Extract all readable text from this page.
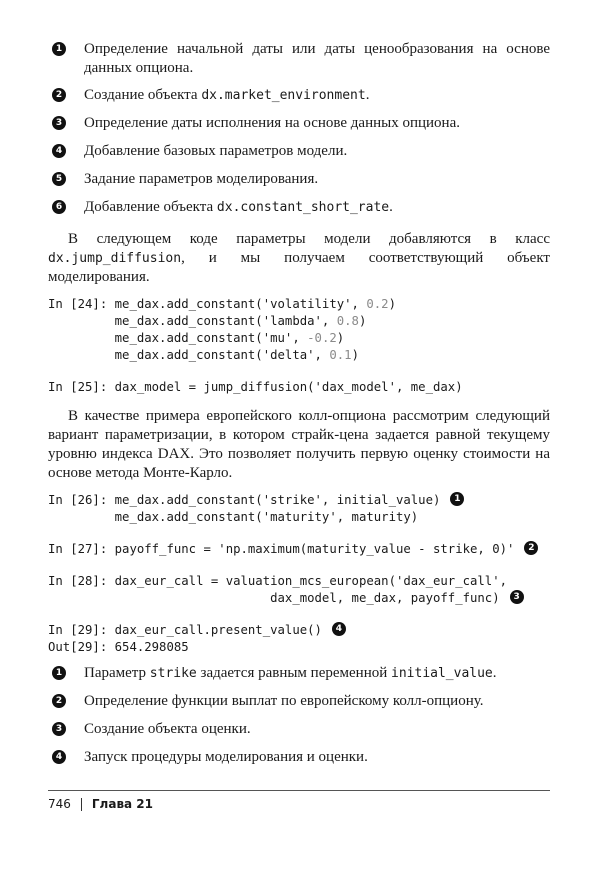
1 Определение начальной даты или даты ценообразования на основе данных опциона.
2 Создание объекта dx.market_environment.
3 Определение даты исполнения на основе данных опциона.
4 Добавление базовых параметров модели.
5 Задание параметров моделирования.
6 Добавление объекта dx.constant_short_rate.

В следующем коде параметры модели добавляются в класс dx.jump_diffusion, и мы получаем соответствующий объект моделирования.

In [24]: me_dax.add_constant('volatility', 0.2)
me_dax.add_constant('lambda', 0.8)
me_dax.add_constant('mu', -0.2)
me_dax.add_constant('delta', 0.1)
In [25]: dax_model = jump_diffusion('dax_model', me_dax)

В качестве примера европейского колл-опциона рассмотрим следующий вариант параметризации, в котором страйк-цена задается равной текущему уровню индекса DAX. Это позволяет получить первую оценку стоимости на основе метода Монте-Карло.

In [26]: me_dax.add_constant('strike', initial_value) 1
me_dax.add_constant('maturity', maturity)
In [27]: payoff_func = 'np.maximum(maturity_value - strike, 0)' 2
In [28]: dax_eur_call = valuation_mcs_european('dax_eur_call',
dax_model, me_dax, payoff_func) 3
In [29]: dax_eur_call.present_value() 4
Out[29]: 654.298085
1 Параметр strike задается равным переменной initial_value.
2 Определение функции выплат по европейскому колл-опциону.
3 Создание объекта оценки.
4 Запуск процедуры моделирования и оценки.
746 Глава 21
